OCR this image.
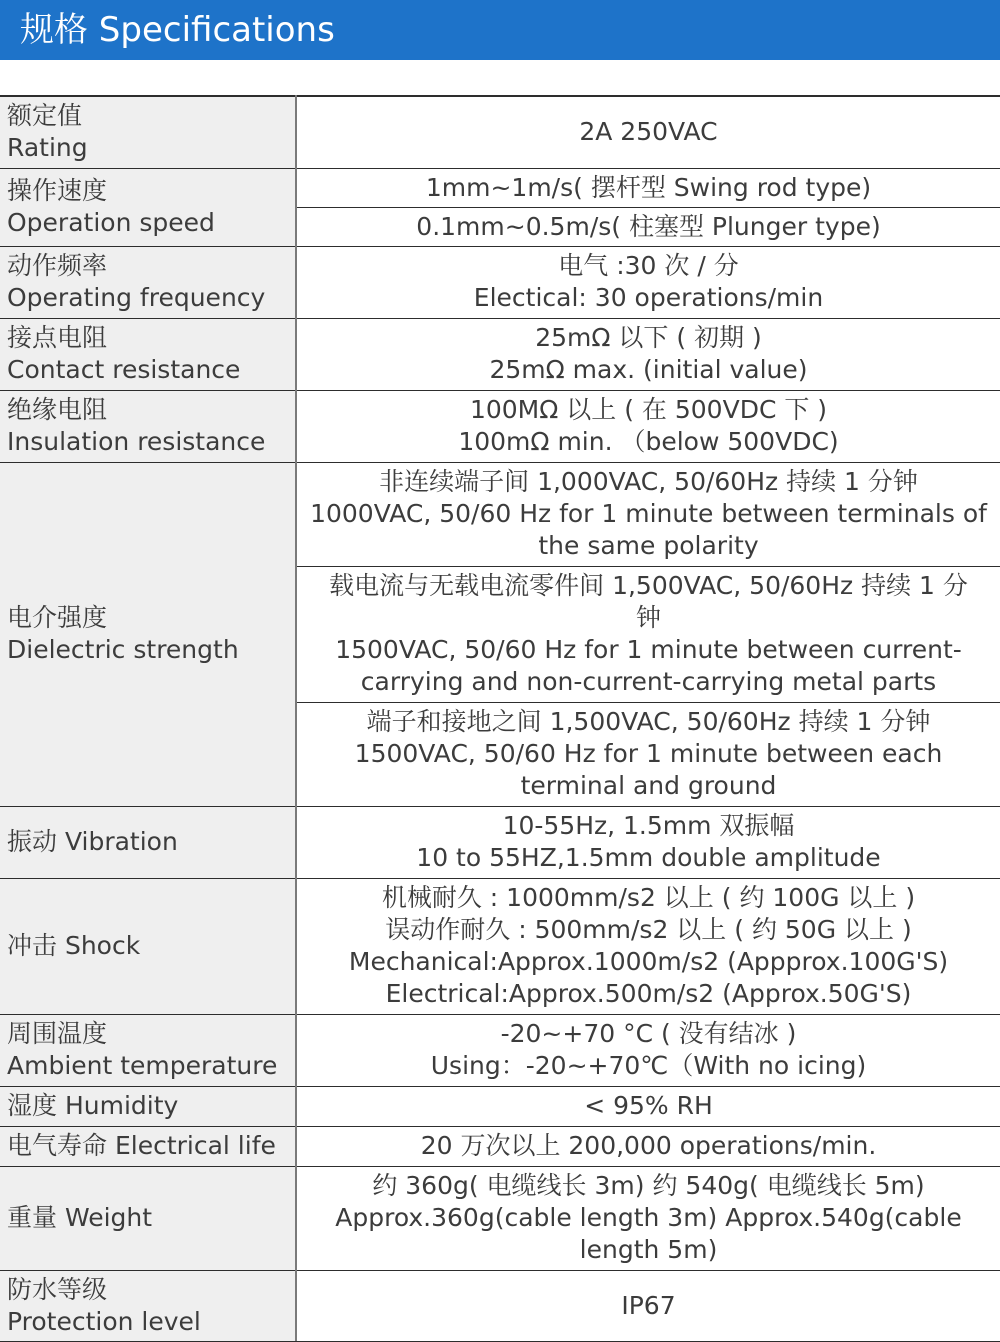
规格 Specifications
额定值
Rating	2A 250VAC

操作速度
Operation speed	1mm~1m/s( 摆杆型 Swing rod type)

	0.1mm~0.5m/s( 柱塞型 Plunger type)

动作频率
Operating frequency	电气 :30 次 / 分
Electical: 30 operations/min

接点电阻
Contact resistance	25mΩ 以下 ( 初期 )
25mΩ max. (initial value)

绝缘电阻
Insulation resistance	100MΩ 以上 ( 在 500VDC 下 )
100mΩ min. （below 500VDC)

电介强度
Dielectric strength	非连续端子间 1,000VAC, 50/60Hz 持续 1 分钟
1000VAC, 50/60 Hz for 1 minute between terminals of
the same polarity

	载电流与无载电流零件间 1,500VAC, 50/60Hz 持续 1 分
钟
1500VAC, 50/60 Hz for 1 minute between current-
carrying and non-current-carrying metal parts

	端子和接地之间 1,500VAC, 50/60Hz 持续 1 分钟
1500VAC, 50/60 Hz for 1 minute between each
terminal and ground

振动 Vibration	10-55Hz, 1.5mm 双振幅
10 to 55HZ,1.5mm double amplitude

冲击 Shock	机械耐久 : 1000mm/s2 以上 ( 约 100G 以上 )
误动作耐久 : 500mm/s2 以上 ( 约 50G 以上 )
Mechanical:Approx.1000m/s2 (Appprox.100G'S)
Electrical:Approx.500m/s2 (Approx.50G'S)

周围温度
Ambient temperature	-20~+70 °C ( 没有结冰 )
Using：-20~+70℃（With no icing)

湿度 Humidity	< 95% RH

电气寿命 Electrical life	20 万次以上 200,000 operations/min.

重量 Weight	约 360g( 电缆线长 3m) 约 540g( 电缆线长 5m)
Approx.360g(cable length 3m) Approx.540g(cable
length 5m)

防水等级
Protection level	IP67
